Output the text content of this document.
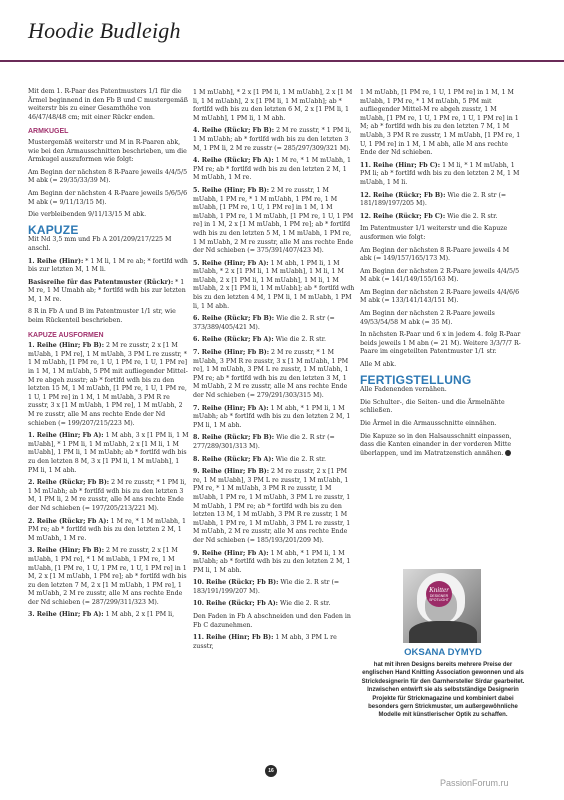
Hoodie Budleigh

Mit dem 1. R-Paar des Patentmusters 1/1 für die Ärmel beginnend in den Fb B und C mustergemäß weiterstr bis zu einer Gesamthöhe von 46/47/48/48 cm; mit einer Rückr enden.

ARMKUGEL

Mustergemäß weiterstr und M in R-Paaren abk, wie bei den Armausschnitten beschrieben, um die Armkugel auszuformen wie folgt:

Am Beginn der nächsten 8 R-Paare jeweils 4/4/5/5 M abk (= 29/35/33/39 M).

Am Beginn der nächsten 4 R-Paare jeweils 5/6/5/6 M abk (= 9/11/13/15 M).

Die verbleibenden 9/11/13/15 M abk.

KAPUZE

Mit Nd 3,5 mm und Fb A 201/209/217/225 M anschl.

1. Reihe (Hinr): * 1 M li, 1 M re ab; * fortlfd wdh bis zur letzten M, 1 M li.

Basisreihe für das Patentmuster (Rückr): * 1 M re, 1 M Umabh ab; * fortlfd wdh bis zur letzten M, 1 M re.

8 R in Fb A und B im Patentmuster 1/1 str, wie beim Rückenteil beschrieben.

KAPUZE AUSFORMEN

1. Reihe (Hinr; Fb B): 2 M re zusstr, 2 x [1 M mUabh, 1 PM re], 1 M mUabh, 3 PM L re zusstr, * 1 M mUabh, [1 PM re, 1 U, 1 PM re, 1 U, 1 PM re] in 1 M, 1 M mUabh, 5 PM mit aufliegender Mittel-M re abgeh zusstr; ab * fortlfd wdh bis zu den letzten 15 M, 1 M mUabh, [1 PM re, 1 U, 1 PM re, 1 U, 1 PM re] in 1 M, 1 M mUabh, 3 PM R re zusstr, 3 x [1 M mUabh, 1 PM re], 1 M mUabh, 2 M re zusstr, alle M ans rechte Ende der Nd schieben (= 199/207/215/223 M).

1. Reihe (Hinr; Fb A): 1 M abh, 3 x [1 PM li, 1 M mUabh], * 1 PM li, 1 M mUabh, 2 x [1 M li, 1 M mUabh], 1 PM li, 1 M mUabh; ab * fortlfd wdh bis zu den letzten 8 M, 3 x [1 PM li, 1 M mUabh], 1 PM li, 1 M abh.

2. Reihe (Rückr; Fb B): 2 M re zusstr, * 1 PM li, 1 M mUabh; ab * fortlfd wdh bis zu den letzten 3 M, 1 PM li, 2 M re zusstr, alle M ans rechte Ende der Nd schieben (= 197/205/213/221 M).

2. Reihe (Rückr; Fb A): 1 M re, * 1 M mUabh, 1 PM re; ab * fortlfd wdh bis zu den letzten 2 M, 1 M mUabh, 1 M re.

3. Reihe (Hinr; Fb B): 2 M re zusstr, 2 x [1 M mUabh, 1 PM re], * 1 M mUabh, 1 PM re, 1 M mUabh, [1 PM re, 1 U, 1 PM re, 1 U, 1 PM re] in 1 M, 2 x [1 M mUabh, 1 PM re]; ab * fortlfd wdh bis zu den letzten 7 M, 2 x [1 M mUabh, 1 PM re], 1 M mUabh, 2 M re zusstr, alle M ans rechte Ende der Nd schieben (= 287/299/311/323 M).

3. Reihe (Hinr; Fb A): 1 M abh, 2 x [1 PM li,

1 M mUabh], * 2 x [1 PM li, 1 M mUabh], 2 x [1 M li, 1 M mUabh], 2 x [1 PM li, 1 M mUabh]; ab * fortlfd wdh bis zu den letzten 6 M, 2 x [1 PM li, 1 M mUabh], 1 PM li, 1 M abh.

4. Reihe (Rückr; Fb B): 2 M re zusstr, * 1 PM li, 1 M mUabh; ab * fortlfd wdh bis zu den letzten 3 M, 1 PM li, 2 M re zusstr (= 285/297/309/321 M).

4. Reihe (Rückr; Fb A): 1 M re, * 1 M mUabh, 1 PM re; ab * fortlfd wdh bis zu den letzten 2 M, 1 M mUabh, 1 M re.

5. Reihe (Hinr; Fb B): 2 M re zusstr, 1 M mUabh, 1 PM re, * 1 M mUabh, 1 PM re, 1 M mUabh, [1 PM re, 1 U, 1 PM re] in 1 M, 1 M mUabh, 1 PM re, 1 M mUabh, [1 PM re, 1 U, 1 PM re] in 1 M, 2 x [1 M mUabh, 1 PM re]; ab * fortlfd wdh bis zu den letzten 5 M, 1 M mUabh, 1 PM re, 1 M mUabh, 2 M re zusstr, alle M ans rechte Ende der Nd schieben (= 375/391/407/423 M).

5. Reihe (Hinr; Fb A): 1 M abh, 1 PM li, 1 M mUabh, * 2 x [1 PM li, 1 M mUabh], 1 M li, 1 M mUabh, 2 x [1 PM li, 1 M mUabh], 1 M li, 1 M mUabh, 2 x [1 PM li, 1 M mUabh]; ab * fortlfd wdh bis zu den letzten 4 M, 1 PM li, 1 M mUabh, 1 PM li, 1 M abh.

6. Reihe (Rückr; Fb B): Wie die 2. R str (= 373/389/405/421 M).

6. Reihe (Rückr; Fb A): Wie die 2. R str.

7. Reihe (Hinr; Fb B): 2 M re zusstr, * 1 M mUabh, 3 PM R re zusstr, 3 x [1 M mUabh, 1 PM re], 1 M mUabh, 3 PM L re zusstr, 1 M mUabh, 1 PM re; ab * fortlfd wdh bis zu den letzten 3 M, 1 M mUabh, 2 M re zusstr, alle M ans rechte Ende der Nd schieben (= 279/291/303/315 M).

7. Reihe (Hinr; Fb A): 1 M abh, * 1 PM li, 1 M mUabh; ab * fortlfd wdh bis zu den letzten 2 M, 1 PM li, 1 M abh.

8. Reihe (Rückr; Fb B): Wie die 2. R str (= 277/289/301/313 M).

8. Reihe (Rückr; Fb A): Wie die 2. R str.

9. Reihe (Hinr; Fb B): 2 M re zusstr, 2 x [1 PM re, 1 M mUabh], 3 PM L re zusstr, 1 M mUabh, 1 PM re, * 1 M mUabh, 3 PM R re zusstr, 1 M mUabh, 1 PM re, 1 M mUabh, 3 PM L re zusstr, 1 M mUabh, 1 PM re; ab * fortlfd wdh bis zu den letzten 13 M, 1 M mUabh, 3 PM R re zusstr, 1 M mUabh, 1 PM re, 1 M mUabh, 3 PM L re zusstr, 1 M mUabh, 2 M re zusstr, alle M ans rechte Ende der Nd schieben (= 185/193/201/209 M).

9. Reihe (Hinr; Fb A): 1 M abh, * 1 PM li, 1 M mUabh; ab * fortlfd wdh bis zu den letzten 2 M, 1 PM li, 1 M abh.

10. Reihe (Rückr; Fb B): Wie die 2. R str (= 183/191/199/207 M).

10. Reihe (Rückr; Fb A): Wie die 2. R str.

Den Faden in Fb A abschneiden und den Faden in Fb C dazunehmen.

11. Reihe (Hinr; Fb B): 1 M abh, 3 PM L re zusstr,

1 M mUabh, [1 PM re, 1 U, 1 PM re] in 1 M, 1 M mUabh, 1 PM re, * 1 M mUabh, 5 PM mit aufliegender Mittel-M re abgeh zusstr, 1 M mUabh, [1 PM re, 1 U, 1 PM re, 1 U, 1 PM re] in 1 M; ab * fortlfd wdh bis zu den letzten 7 M, 1 M mUabh, 3 PM R re zusstr, 1 M mUabh, [1 PM re, 1 U, 1 PM re] in 1 M, 1 M abh, alle M ans rechte Ende der Nd schieben.

11. Reihe (Hinr; Fb C): 1 M li, * 1 M mUabh, 1 PM li; ab * fortlfd wdh bis zu den letzten 2 M, 1 M mUabh, 1 M li.

12. Reihe (Rückr; Fb B): Wie die 2. R str (= 181/189/197/205 M).

12. Reihe (Rückr; Fb C): Wie die 2. R str.

Im Patentmuster 1/1 weiterstr und die Kapuze ausformen wie folgt:

Am Beginn der nächsten 8 R-Paare jeweils 4 M abk (= 149/157/165/173 M).

Am Beginn der nächsten 2 R-Paare jeweils 4/4/5/5 M abk (= 141/149/155/163 M).

Am Beginn der nächsten 2 R-Paare jeweils 4/4/6/6 M abk (= 133/141/143/151 M).

Am Beginn der nächsten 2 R-Paare jeweils 49/53/54/58 M abk (= 35 M).

In nächsten R-Paar und 6 x in jedem 4. folg R-Paar beids jeweils 1 M abn (= 21 M). Weitere 3/3/7/7 R-Paare im eingeteilten Patentmuster 1/1 str.

Alle M abk.

FERTIGSTELLUNG

Alle Fadenenden vernähen.

Die Schulter-, die Seiten- und die Ärmelnähte schließen.

Die Ärmel in die Armausschnitte einnähen.

Die Kapuze so in den Halsausschnitt einpassen, dass die Kanten einander in der vorderen Mitte überlappen, und im Matratzenstich annähen.

Knitter
DESIGNER SPOTLIGHT
OKSANA DYMYD
hat mit ihren Designs bereits mehrere Preise der englischen Hand Knitting Association gewonnen und als Strickdesignerin für den Garnhersteller Sirdar gearbeitet. Inzwischen entwirft sie als selbstständige Designerin Projekte für Strickmagazine und kombiniert dabei besonders gern Strickmuster, um außergewöhnliche Modelle mit künstlerischer Optik zu schaffen.
16
PassionForum.ru
